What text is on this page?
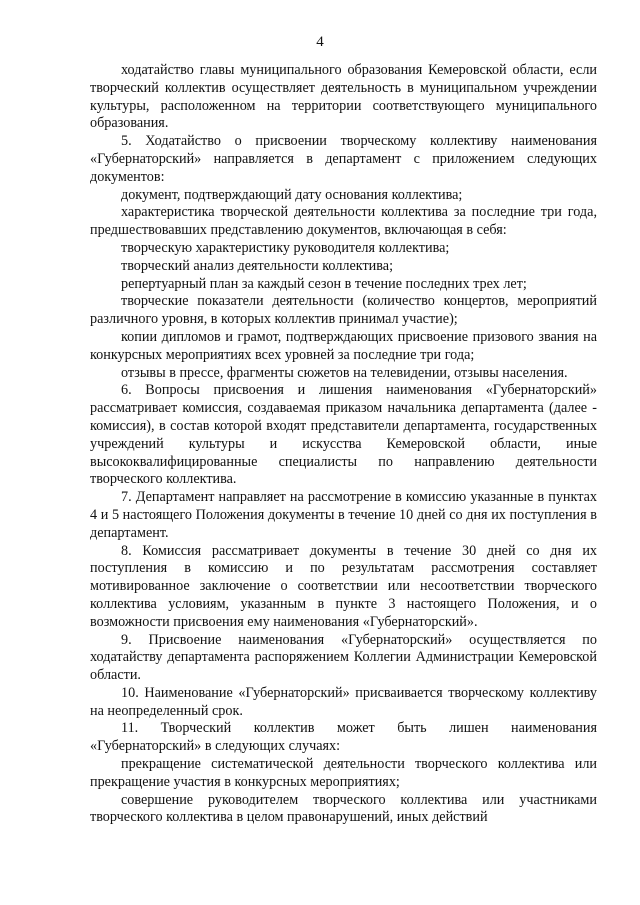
4

ходатайство главы муниципального образования Кемеровской области, если творческий коллектив осуществляет деятельность в муниципальном учреждении культуры, расположенном на территории соответствующего муниципального образования.

5. Ходатайство о присвоении творческому коллективу наименования «Губернаторский» направляется в департамент с приложением следующих документов:

документ, подтверждающий дату основания коллектива;

характеристика творческой деятельности коллектива за последние три года, предшествовавших представлению документов, включающая в себя:

творческую характеристику руководителя коллектива;

творческий анализ деятельности коллектива;

репертуарный план за каждый сезон в течение последних трех лет;

творческие показатели деятельности (количество концертов, мероприятий различного уровня, в которых коллектив принимал участие);

копии дипломов и грамот, подтверждающих присвоение призового звания на конкурсных мероприятиях всех уровней за последние три года;

отзывы в прессе, фрагменты сюжетов на телевидении, отзывы населения.

6. Вопросы присвоения и лишения наименования «Губернаторский» рассматривает комиссия, создаваемая приказом начальника департамента (далее - комиссия), в состав которой входят представители департамента, государственных учреждений культуры и искусства Кемеровской области, иные высококвалифицированные специалисты по направлению деятельности творческого коллектива.

7. Департамент направляет на рассмотрение в комиссию указанные в пунктах 4 и 5 настоящего Положения документы в течение 10 дней со дня их поступления в департамент.

8. Комиссия рассматривает документы в течение 30 дней со дня их поступления в комиссию и по результатам рассмотрения составляет мотивированное заключение о соответствии или несоответствии творческого коллектива условиям, указанным в пункте 3 настоящего Положения, и о возможности присвоения ему наименования «Губернаторский».

9. Присвоение наименования «Губернаторский» осуществляется по ходатайству департамента распоряжением Коллегии Администрации Кемеровской области.

10. Наименование «Губернаторский» присваивается творческому коллективу на неопределенный срок.

11. Творческий коллектив может быть лишен наименования «Губернаторский» в следующих случаях:

прекращение систематической деятельности творческого коллектива или прекращение участия в конкурсных мероприятиях;

совершение руководителем творческого коллектива или участниками творческого коллектива в целом правонарушений, иных действий
